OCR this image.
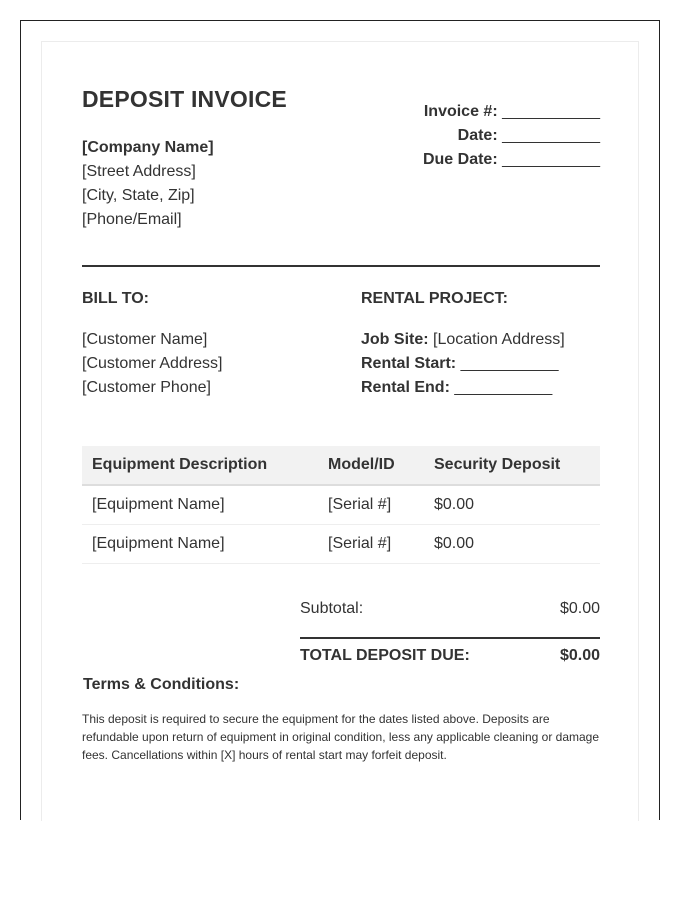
DEPOSIT INVOICE
[Company Name]
[Street Address]
[City, State, Zip]
[Phone/Email]
Invoice #: ___________
Date: ___________
Due Date: ___________
BILL TO:	RENTAL PROJECT:
[Customer Name]
[Customer Address]
[Customer Phone]
Job Site: [Location Address]
Rental Start: ___________
Rental End: ___________
Equipment Description	Model/ID	Security Deposit
[Equipment Name]	[Serial #]	$0.00
[Equipment Name]	[Serial #]	$0.00
Subtotal:	$0.00
TOTAL DEPOSIT DUE:	$0.00
Terms & Conditions:
This deposit is required to secure the equipment for the dates listed above. Deposits are refundable upon return of equipment in original condition, less any applicable cleaning or damage fees. Cancellations within [X] hours of rental start may forfeit deposit.
